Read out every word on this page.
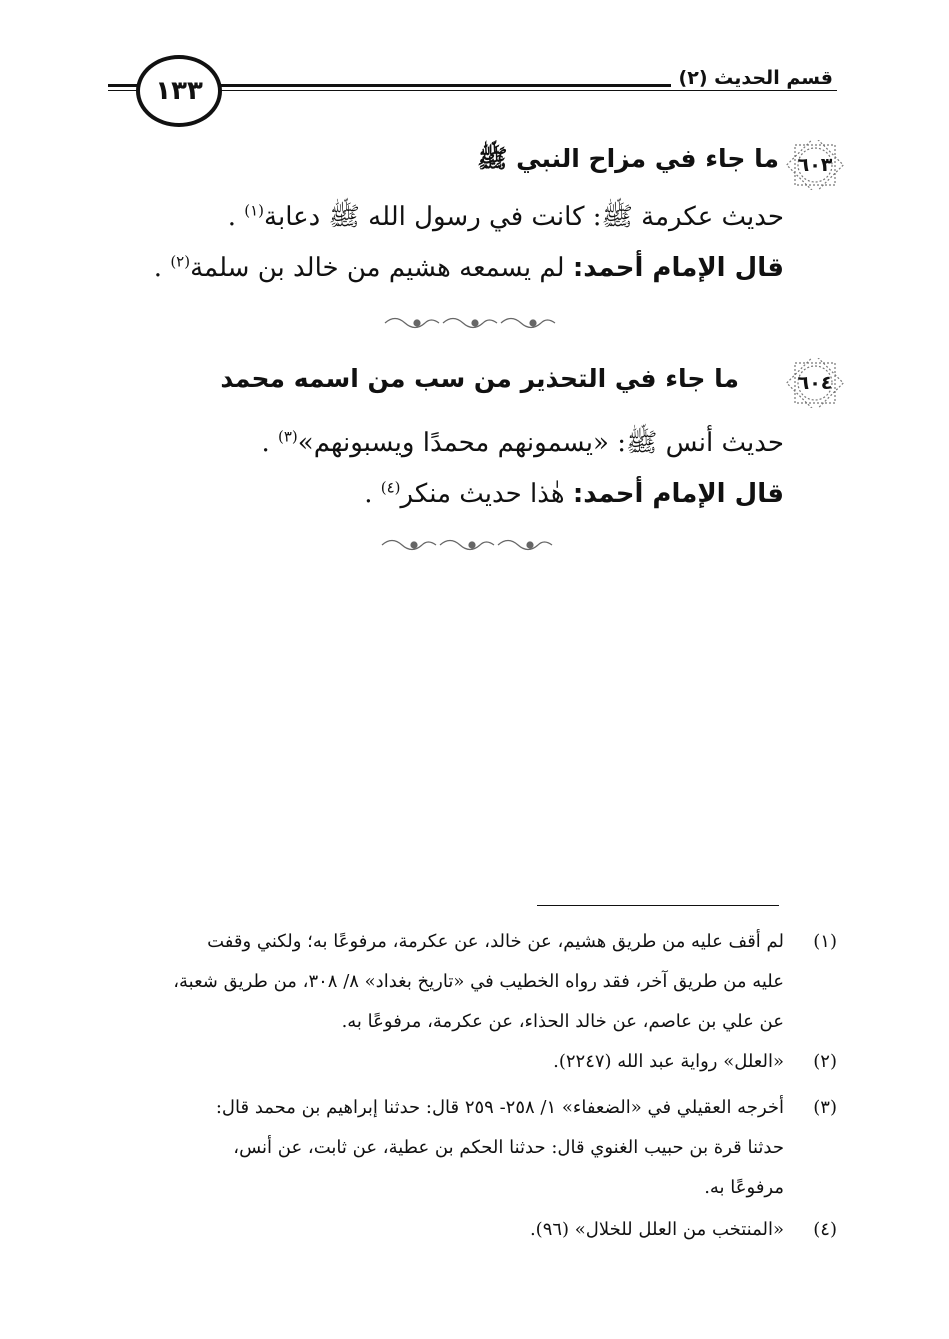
قسم الحديث (٢)
١٣٣
٦٠٣
ما جاء في مزاح النبي ﷺ
حديث عكرمة ﷺ: كانت في رسول الله ﷺ دعابة$^{(١)}$ .
قال الإمام أحمد: لم يسمعه هشيم من خالد بن سلمة$^{(٢)}$ .
٦٠٤
ما جاء في التحذير من سب من اسمه محمد
حديث أنس ﷺ: «يسمونهم محمدًا ويسبونهم»$^{(٣)}$ .
قال الإمام أحمد: هٰذا حديث منكر$^{(٤)}$ .
(١)
لم أقف عليه من طريق هشيم، عن خالد، عن عكرمة، مرفوعًا به؛ ولكني وقفت
عليه من طريق آخر، فقد رواه الخطيب في «تاريخ بغداد» ٨/ ٣٠٨، من طريق شعبة،
عن علي بن عاصم، عن خالد الحذاء، عن عكرمة، مرفوعًا به.
(٢)
«العلل» رواية عبد الله (٢٢٤٧).
(٣)
أخرجه العقيلي في «الضعفاء» ١/ ٢٥٨- ٢٥٩ قال: حدثنا إبراهيم بن محمد قال:
حدثنا قرة بن حبيب الغنوي قال: حدثنا الحكم بن عطية، عن ثابت، عن أنس،
مرفوعًا به.
(٤)
«المنتخب من العلل للخلال» (٩٦).
